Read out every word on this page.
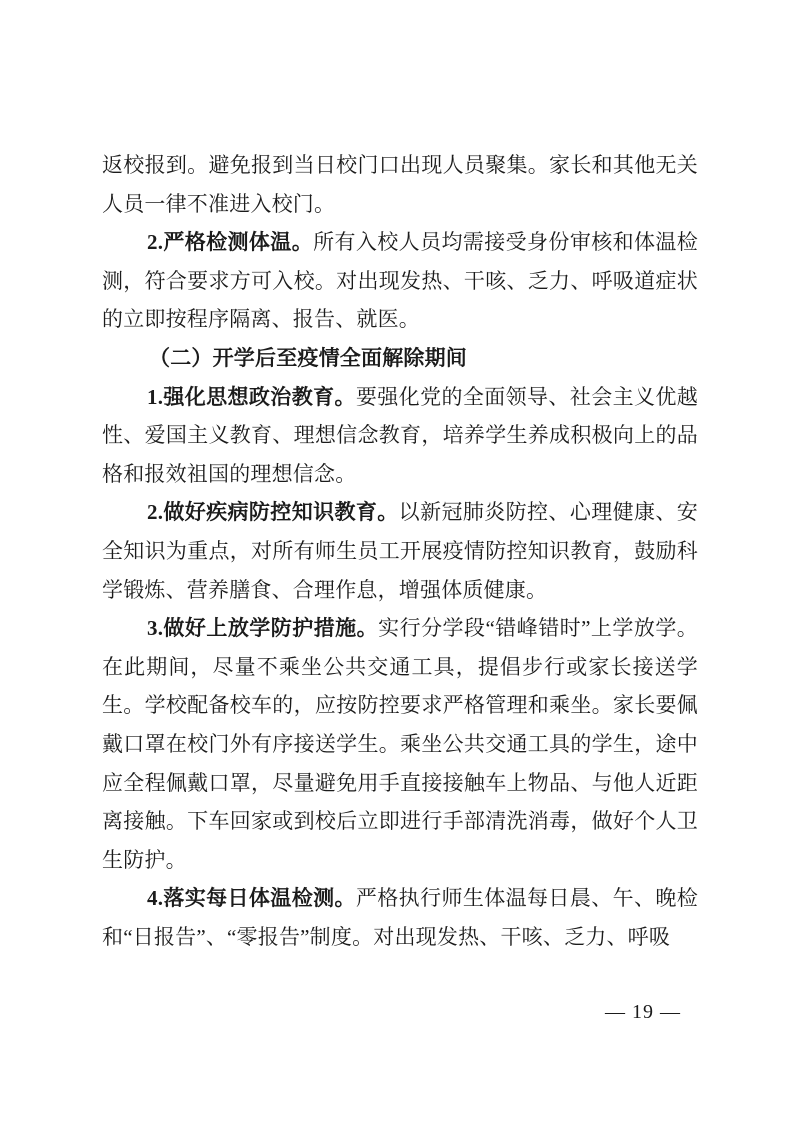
返校报到。避免报到当日校门口出现人员聚集。家长和其他无关人员一律不准进入校门。

2.严格检测体温。所有入校人员均需接受身份审核和体温检测，符合要求方可入校。对出现发热、干咳、乏力、呼吸道症状的立即按程序隔离、报告、就医。

（二）开学后至疫情全面解除期间

1.强化思想政治教育。要强化党的全面领导、社会主义优越性、爱国主义教育、理想信念教育，培养学生养成积极向上的品格和报效祖国的理想信念。

2.做好疾病防控知识教育。以新冠肺炎防控、心理健康、安全知识为重点，对所有师生员工开展疫情防控知识教育，鼓励科学锻炼、营养膳食、合理作息，增强体质健康。

3.做好上放学防护措施。实行分学段“错峰错时”上学放学。在此期间，尽量不乘坐公共交通工具，提倡步行或家长接送学生。学校配备校车的，应按防控要求严格管理和乘坐。家长要佩戴口罩在校门外有序接送学生。乘坐公共交通工具的学生，途中应全程佩戴口罩，尽量避免用手直接接触车上物品、与他人近距离接触。下车回家或到校后立即进行手部清洗消毒，做好个人卫生防护。

4.落实每日体温检测。严格执行师生体温每日晨、午、晚检和“日报告”、“零报告”制度。对出现发热、干咳、乏力、呼吸

— 19 —
